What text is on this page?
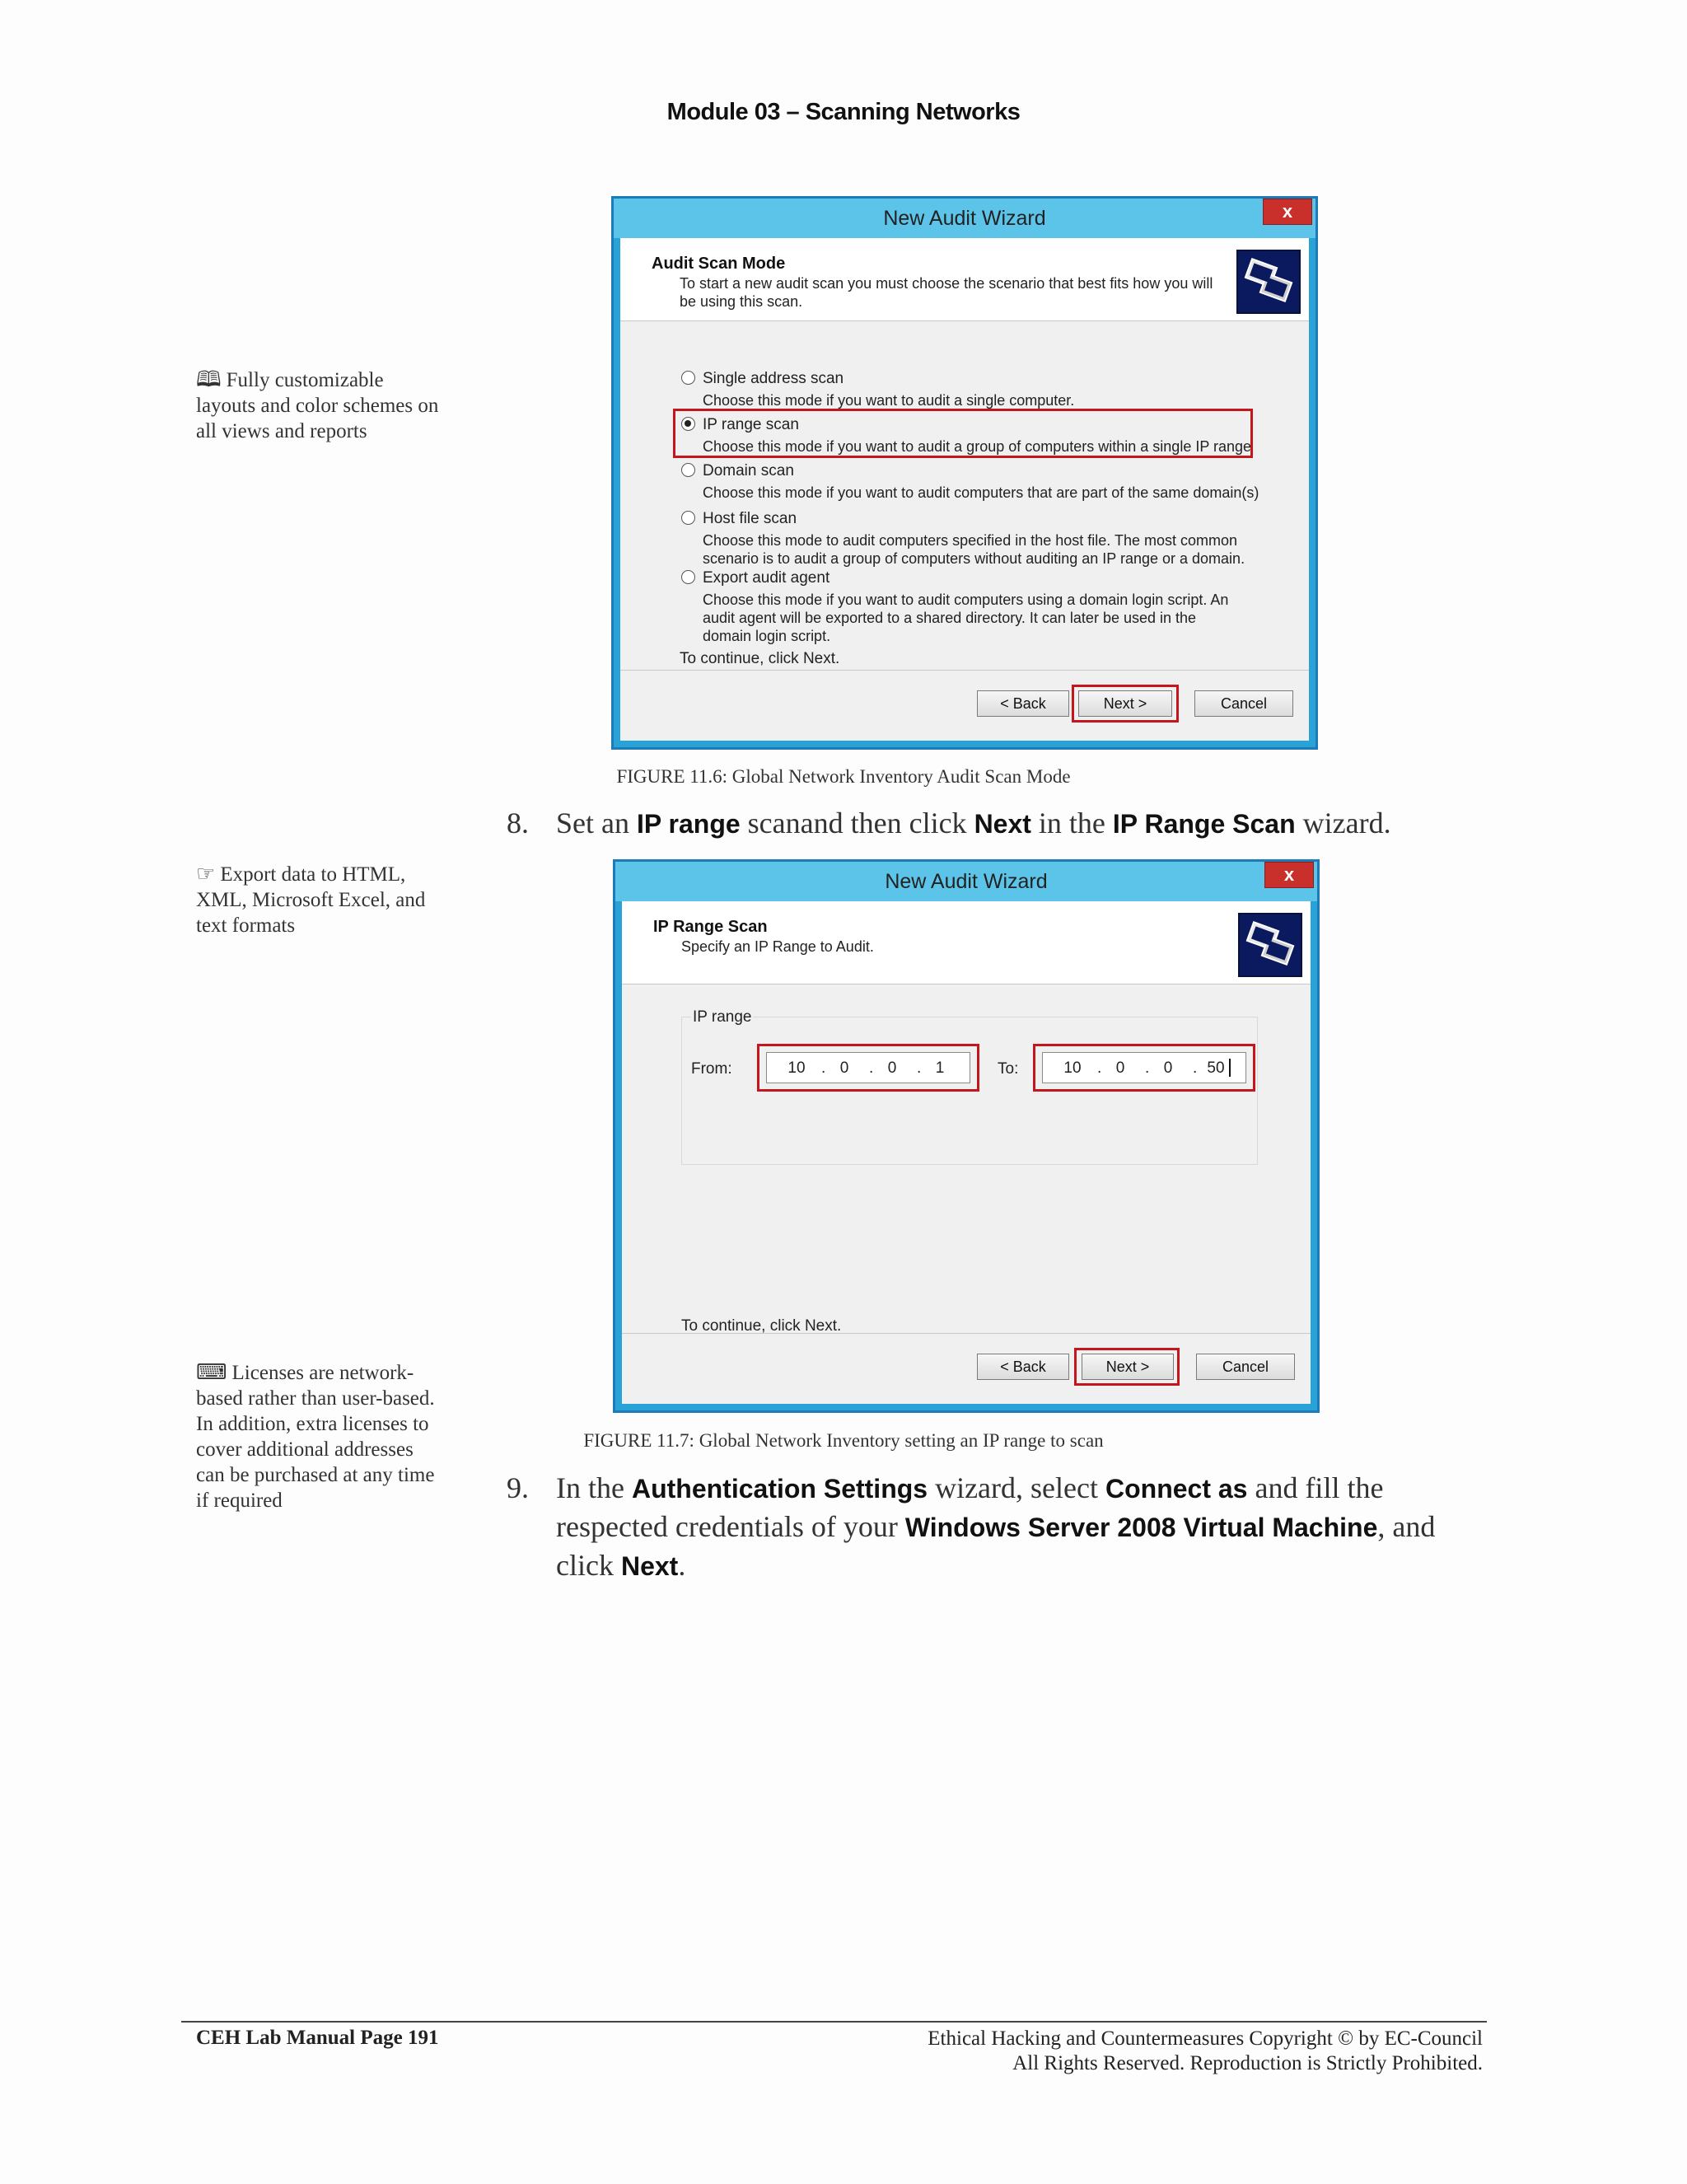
Module 03 – Scanning Networks
🕮 Fully customizable layouts and color schemes on all views and reports
☞ Export data to HTML, XML, Microsoft Excel, and text formats
⌨ Licenses are network-based rather than user-based. In addition, extra licenses to cover additional addresses can be purchased at any time if required
New Audit Wizard	x
Audit Scan Mode
To start a new audit scan you must choose the scenario that best fits how you will be using this scan.
Single address scan
Choose this mode if you want to audit a single computer.
IP range scan
Choose this mode if you want to audit a group of computers within a single IP range
Domain scan
Choose this mode if you want to audit computers that are part of the same domain(s)
Host file scan
Choose this mode to audit computers specified in the host file. The most common scenario is to audit a group of computers without auditing an IP range or a domain.
Export audit agent
Choose this mode if you want to audit computers using a domain login script. An audit agent will be exported to a shared directory. It can later be used in the domain login script.
To continue, click Next.
< Back	Next >	Cancel
FIGURE 11.6: Global Network Inventory Audit Scan Mode
8. Set an IP range scanand then click Next in the IP Range Scan wizard.
New Audit Wizard	x
IP Range Scan
Specify an IP Range to Audit.
IP range
From:	10	. 0	. 0	. 1	To:	10	. 0	. 0	. 50
To continue, click Next.
< Back	Next >	Cancel
FIGURE 11.7: Global Network Inventory setting an IP range to scan
9. In the Authentication Settings wizard, select Connect as and fill the respected credentials of your Windows Server 2008 Virtual Machine, and click Next.
CEH Lab Manual Page 191	Ethical Hacking and Countermeasures Copyright © by EC-Council
All Rights Reserved. Reproduction is Strictly Prohibited.
